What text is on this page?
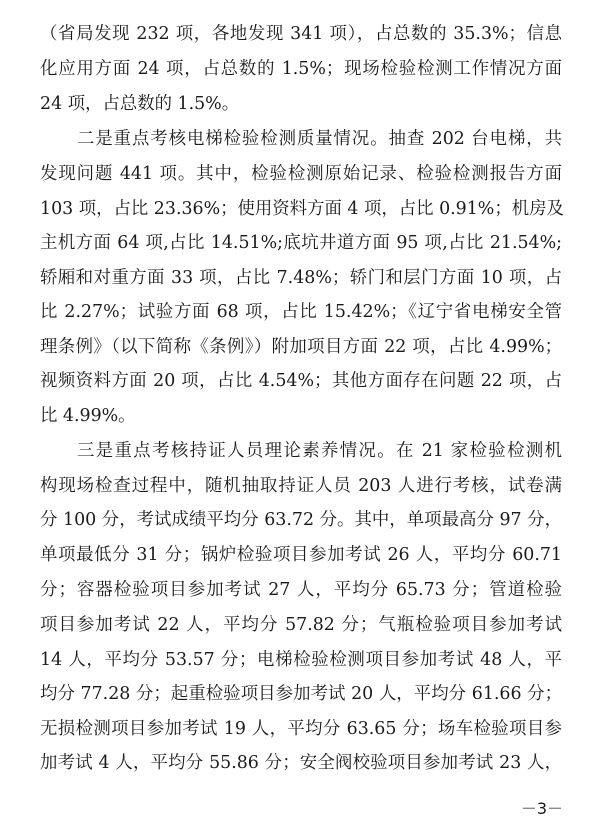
（省局发现 232 项，各地发现 341 项），占总数的 35.3%；信息
化应用方面 24 项，占总数的 1.5%；现场检验检测工作情况方面
24 项，占总数的 1.5%。
二是重点考核电梯检验检测质量情况。抽查 202 台电梯，共
发现问题 441 项。其中，检验检测原始记录、检验检测报告方面
103 项，占比 23.36%；使用资料方面 4 项，占比 0.91%；机房及
主机方面 64 项,占比 14.51%;底坑井道方面 95 项,占比 21.54%;
轿厢和对重方面 33 项，占比 7.48%；轿门和层门方面 10 项，占
比 2.27%；试验方面 68 项，占比 15.42%；《辽宁省电梯安全管
理条例》（以下简称《条例》）附加项目方面 22 项，占比 4.99%；
视频资料方面 20 项，占比 4.54%；其他方面存在问题 22 项，占
比 4.99%。
三是重点考核持证人员理论素养情况。在 21 家检验检测机
构现场检查过程中，随机抽取持证人员 203 人进行考核，试卷满
分 100 分，考试成绩平均分 63.72 分。其中，单项最高分 97 分，
单项最低分 31 分；锅炉检验项目参加考试 26 人，平均分 60.71
分；容器检验项目参加考试 27 人，平均分 65.73 分；管道检验
项目参加考试 22 人，平均分 57.82 分；气瓶检验项目参加考试
14 人，平均分 53.57 分；电梯检验检测项目参加考试 48 人，平
均分 77.28 分；起重检验项目参加考试 20 人，平均分 61.66 分；
无损检测项目参加考试 19 人，平均分 63.65 分；场车检验项目参
加考试 4 人，平均分 55.86 分；安全阀校验项目参加考试 23 人，
－3－
